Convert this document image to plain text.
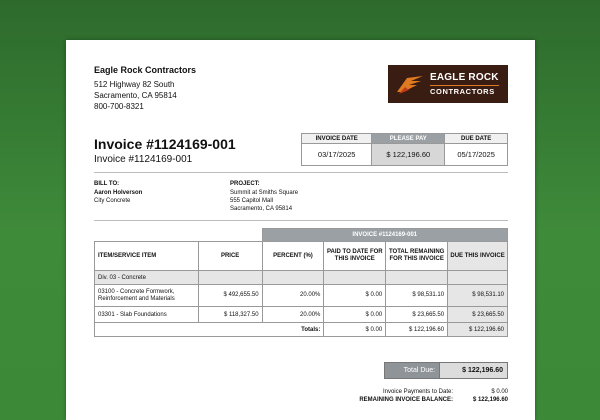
Eagle Rock Contractors
512 Highway 82 South
Sacramento, CA 95814
800-700-8321
EAGLE ROCK
CONTRACTORS
Invoice #1124169-001
Invoice #1124169-001
INVOICE DATE	PLEASE PAY	DUE DATE
03/17/2025	$ 122,196.60	05/17/2025
BILL TO:
Aaron Holverson
City Concrete
PROJECT:
Summit at Smiths Square
555 Capitol Mall
Sacramento, CA 95814
		INVOICE #1124169-001			
ITEM/SERVICE ITEM	PRICE	PERCENT (%)	PAID TO DATE FOR THIS INVOICE	TOTAL REMAINING FOR THIS INVOICE	DUE THIS INVOICE
Div. 03 - Concrete					
03100 - Concrete Formwork, Reinforcement and Materials	$ 492,655.50	20.00%	$ 0.00	$ 98,531.10	$ 98,531.10
03301 - Slab Foundations	$ 118,327.50	20.00%	$ 0.00	$ 23,665.50	$ 23,665.50
		Totals:	$ 0.00	$ 122,196.60	$ 122,196.60
Total Due:	$ 122,196.60
Invoice Payments to Date:	$ 0.00
REMAINING INVOICE BALANCE:	$ 122,196.60
